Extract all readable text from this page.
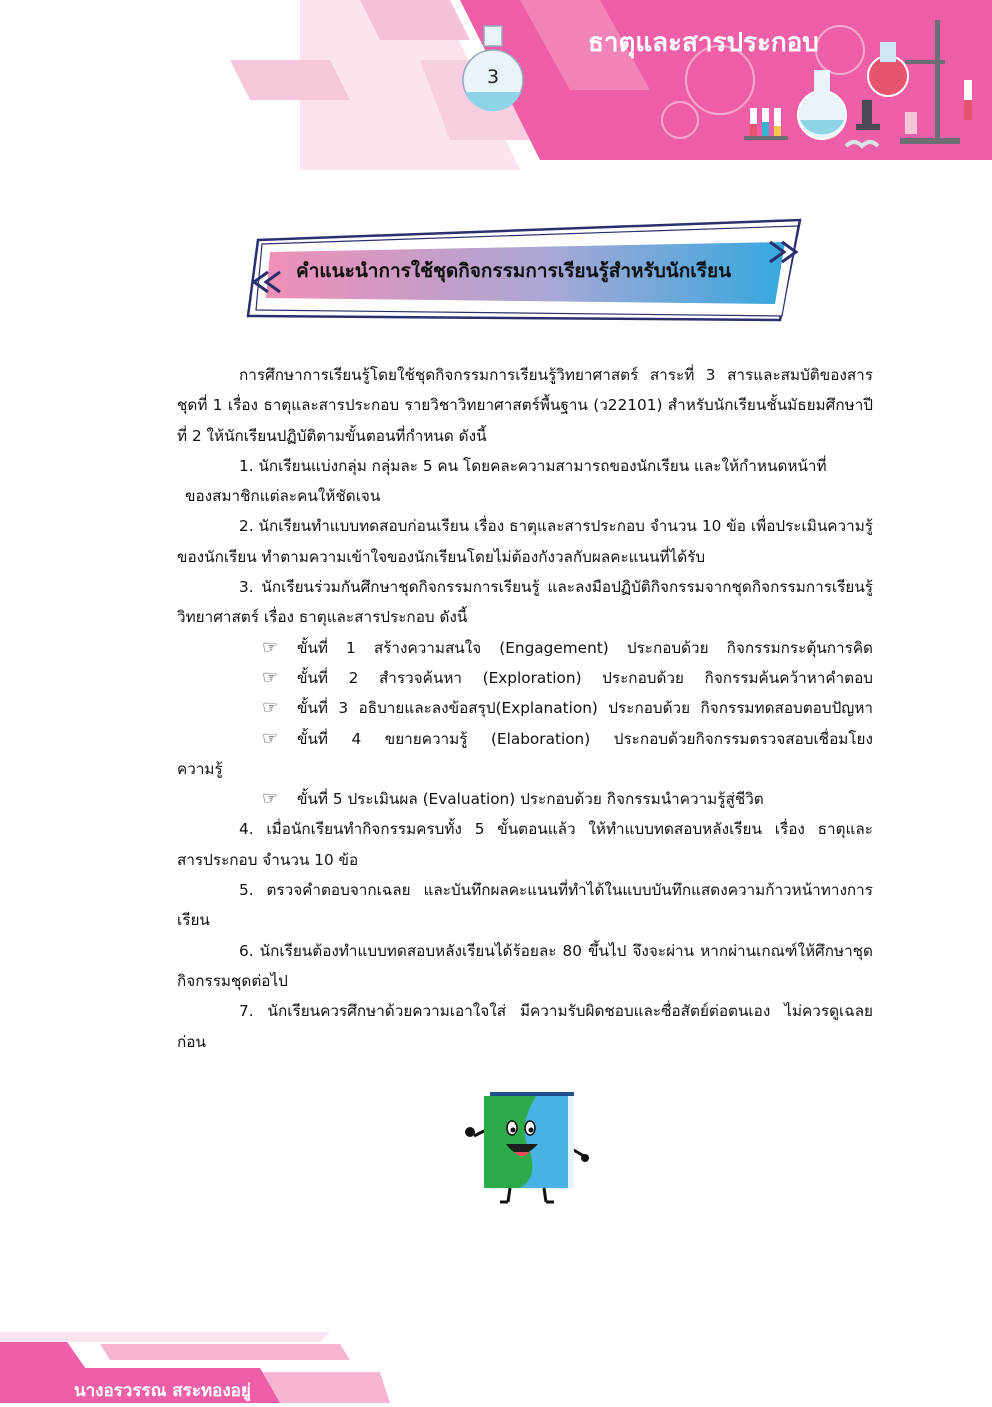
ธาตุและสารประกอบ
3
คำแนะนำการใช้ชุดกิจกรรมการเรียนรู้สำหรับนักเรียน

การศึกษาการเรียนรู้โดยใช้ชุดกิจกรรมการเรียนรู้วิทยาศาสตร์ สาระที่ 3 สารและสมบัติของสาร ชุดที่ 1 เรื่อง ธาตุและสารประกอบ รายวิชาวิทยาศาสตร์พื้นฐาน (ว22101) สำหรับนักเรียนชั้นมัธยมศึกษาปีที่ 2 ให้นักเรียนปฏิบัติตามขั้นตอนที่กำหนด ดังนี้

1. นักเรียนแบ่งกลุ่ม กลุ่มละ 5 คน โดยคละความสามารถของนักเรียน และให้กำหนดหน้าที่

ของสมาชิกแต่ละคนให้ชัดเจน

2. นักเรียนทำแบบทดสอบก่อนเรียน เรื่อง ธาตุและสารประกอบ จำนวน 10 ข้อ เพื่อประเมินความรู้ของนักเรียน ทำตามความเข้าใจของนักเรียนโดยไม่ต้องกังวลกับผลคะแนนที่ได้รับ

3. นักเรียนร่วมกันศึกษาชุดกิจกรรมการเรียนรู้ และลงมือปฏิบัติกิจกรรมจากชุดกิจกรรมการเรียนรู้วิทยาศาสตร์ เรื่อง ธาตุและสารประกอบ ดังนี้

☞	ขั้นที่ 1 สร้างความสนใจ (Engagement) ประกอบด้วย กิจกรรมกระตุ้นการคิด
☞	ขั้นที่ 2 สำรวจค้นหา (Exploration) ประกอบด้วย กิจกรรมค้นคว้าหาคำตอบ
☞	ขั้นที่ 3 อธิบายและลงข้อสรุป(Explanation) ประกอบด้วย กิจกรรมทดสอบตอบปัญหา
☞	ขั้นที่ 4 ขยายความรู้ (Elaboration) ประกอบด้วยกิจกรรมตรวจสอบเชื่อมโยง

ความรู้

☞	ขั้นที่ 5 ประเมินผล (Evaluation) ประกอบด้วย กิจกรรมนำความรู้สู่ชีวิต

4. เมื่อนักเรียนทำกิจกรรมครบทั้ง 5 ขั้นตอนแล้ว ให้ทำแบบทดสอบหลังเรียน เรื่อง ธาตุและสารประกอบ จำนวน 10 ข้อ

5. ตรวจคำตอบจากเฉลย และบันทึกผลคะแนนที่ทำได้ในแบบบันทึกแสดงความก้าวหน้าทางการเรียน

6. นักเรียนต้องทำแบบทดสอบหลังเรียนได้ร้อยละ 80 ขึ้นไป จึงจะผ่าน หากผ่านเกณฑ์ให้ศึกษาชุดกิจกรรมชุดต่อไป

7. นักเรียนควรศึกษาด้วยความเอาใจใส่ มีความรับผิดชอบและซื่อสัตย์ต่อตนเอง ไม่ควรดูเฉลยก่อน

นางอรวรรณ สระทองอยู่
